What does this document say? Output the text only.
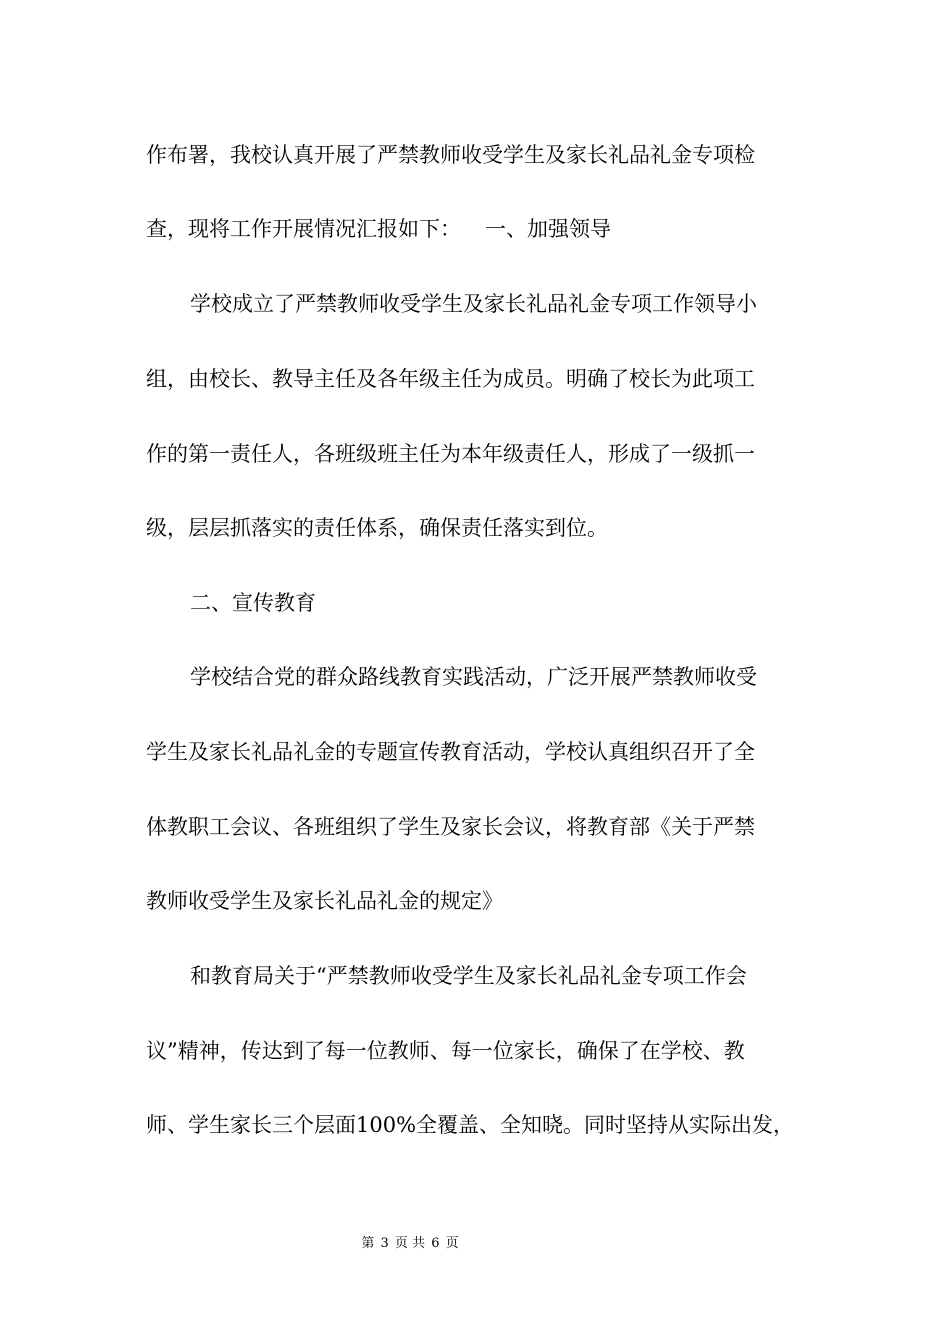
作布署，我校认真开展了严禁教师收受学生及家长礼品礼金专项检

查，现将工作开展情况汇报如下： 一、加强领导

学校成立了严禁教师收受学生及家长礼品礼金专项工作领导小

组，由校长、教导主任及各年级主任为成员。明确了校长为此项工

作的第一责任人，各班级班主任为本年级责任人，形成了一级抓一

级，层层抓落实的责任体系，确保责任落实到位。

二、宣传教育

学校结合党的群众路线教育实践活动，广泛开展严禁教师收受

学生及家长礼品礼金的专题宣传教育活动，学校认真组织召开了全

体教职工会议、各班组织了学生及家长会议，将教育部《关于严禁

教师收受学生及家长礼品礼金的规定》

和教育局关于“严禁教师收受学生及家长礼品礼金专项工作会

议”精神，传达到了每一位教师、每一位家长，确保了在学校、教

师、学生家长三个层面100%全覆盖、全知晓。同时坚持从实际出发，

第 3 页 共 6 页
